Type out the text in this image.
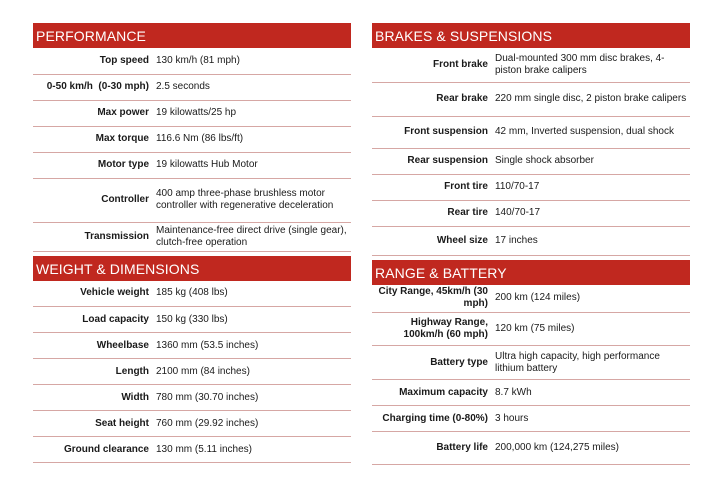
PERFORMANCE
Top speed	130 km/h (81 mph)
0-50 km/h  (0-30 mph)	2.5 seconds
Max power	19 kilowatts/25 hp
Max torque	116.6 Nm (86 lbs/ft)
Motor type	19 kilowatts Hub Motor
Controller	400 amp three-phase brushless motor controller with regenerative deceleration
Transmission	Maintenance-free direct drive (single gear), clutch-free operation
WEIGHT & DIMENSIONS
Vehicle weight	185 kg (408 lbs)
Load capacity	150 kg (330 lbs)
Wheelbase	1360 mm (53.5 inches)
Length	2100 mm (84 inches)
Width	780 mm (30.70 inches)
Seat height	760 mm (29.92 inches)
Ground clearance	130 mm (5.11 inches)
BRAKES & SUSPENSIONS
Front brake	Dual-mounted 300 mm disc brakes, 4-piston brake calipers
Rear brake	220 mm single disc, 2 piston brake calipers
Front suspension	42 mm, Inverted suspension, dual shock
Rear suspension	Single shock absorber
Front tire	110/70-17
Rear tire	140/70-17
Wheel size	17 inches
RANGE & BATTERY
City Range, 45km/h (30 mph)	200 km (124 miles)
Highway Range, 100km/h (60 mph)	120 km (75 miles)
Battery type	Ultra high capacity, high performance lithium battery
Maximum capacity	8.7 kWh
Charging time (0-80%)	3 hours
Battery life	200,000 km (124,275 miles)
